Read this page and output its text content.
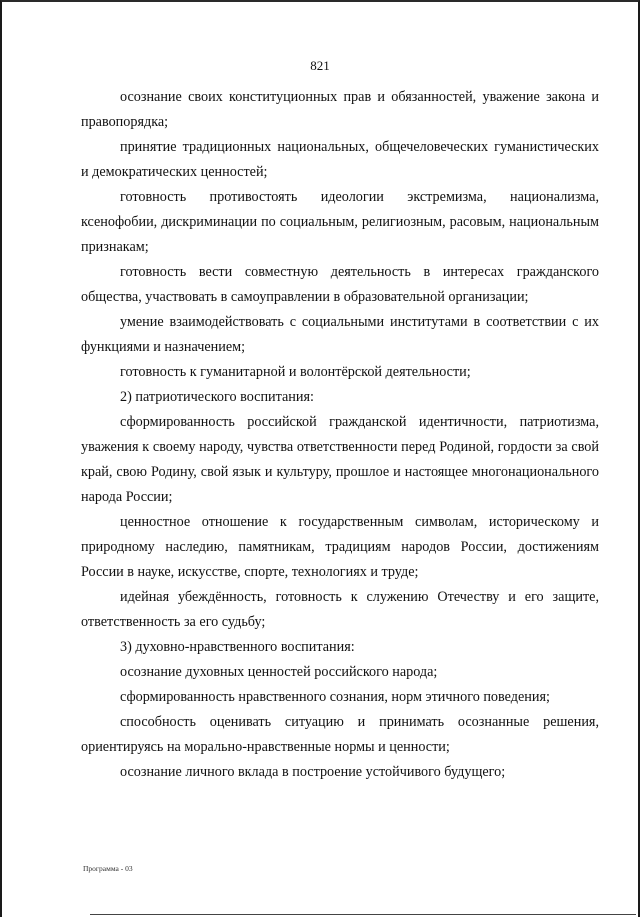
821

осознание своих конституционных прав и обязанностей, уважение закона и правопорядка;

принятие традиционных национальных, общечеловеческих гуманистических и демократических ценностей;

готовность противостоять идеологии экстремизма, национализма, ксенофобии, дискриминации по социальным, религиозным, расовым, национальным признакам;

готовность вести совместную деятельность в интересах гражданского общества, участвовать в самоуправлении в образовательной организации;

умение взаимодействовать с социальными институтами в соответствии с их функциями и назначением;

готовность к гуманитарной и волонтёрской деятельности;

2) патриотического воспитания:

сформированность российской гражданской идентичности, патриотизма, уважения к своему народу, чувства ответственности перед Родиной, гордости за свой край, свою Родину, свой язык и культуру, прошлое и настоящее многонационального народа России;

ценностное отношение к государственным символам, историческому и природному наследию, памятникам, традициям народов России, достижениям России в науке, искусстве, спорте, технологиях и труде;

идейная убеждённость, готовность к служению Отечеству и его защите, ответственность за его судьбу;

3) духовно-нравственного воспитания:

осознание духовных ценностей российского народа;

сформированность нравственного сознания, норм этичного поведения;

способность оценивать ситуацию и принимать осознанные решения, ориентируясь на морально-нравственные нормы и ценности;

осознание личного вклада в построение устойчивого будущего;

Программа - 03
